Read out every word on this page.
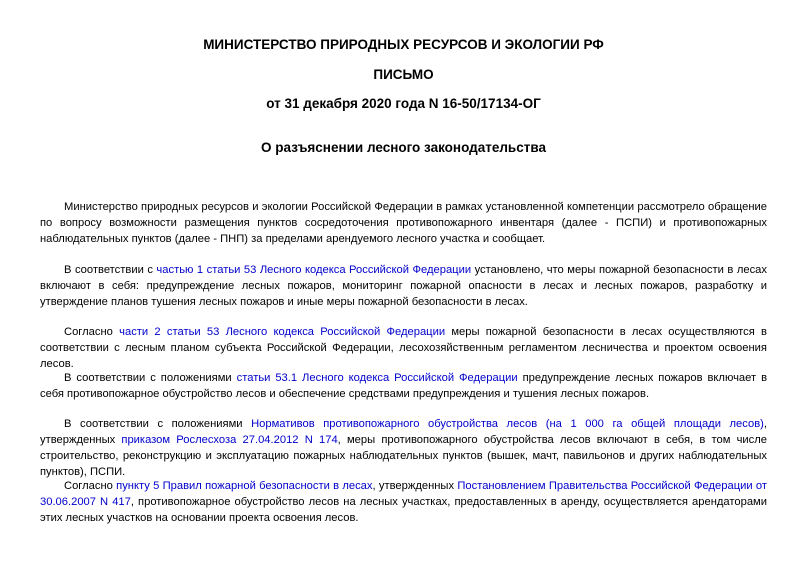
МИНИСТЕРСТВО ПРИРОДНЫХ РЕСУРСОВ И ЭКОЛОГИИ РФ

ПИСЬМО

от 31 декабря 2020 года N 16-50/17134-ОГ

О разъяснении лесного законодательства

Министерство природных ресурсов и экологии Российской Федерации в рамках установленной компетенции рассмотрело обращение по вопросу возможности размещения пунктов сосредоточения противопожарного инвентаря (далее - ПСПИ) и противопожарных наблюдательных пунктов (далее - ПНП) за пределами арендуемого лесного участка и сообщает.

В соответствии с частью 1 статьи 53 Лесного кодекса Российской Федерации установлено, что меры пожарной безопасности в лесах включают в себя: предупреждение лесных пожаров, мониторинг пожарной опасности в лесах и лесных пожаров, разработку и утверждение планов тушения лесных пожаров и иные меры пожарной безопасности в лесах.

Согласно части 2 статьи 53 Лесного кодекса Российской Федерации меры пожарной безопасности в лесах осуществляются в соответствии с лесным планом субъекта Российской Федерации, лесохозяйственным регламентом лесничества и проектом освоения лесов.

В соответствии с положениями статьи 53.1 Лесного кодекса Российской Федерации предупреждение лесных пожаров включает в себя противопожарное обустройство лесов и обеспечение средствами предупреждения и тушения лесных пожаров.

В соответствии с положениями Нормативов противопожарного обустройства лесов (на 1 000 га общей площади лесов), утвержденных приказом Рослесхоза 27.04.2012 N 174, меры противопожарного обустройства лесов включают в себя, в том числе строительство, реконструкцию и эксплуатацию пожарных наблюдательных пунктов (вышек, мачт, павильонов и других наблюдательных пунктов), ПСПИ.

Согласно пункту 5 Правил пожарной безопасности в лесах, утвержденных Постановлением Правительства Российской Федерации от 30.06.2007 N 417, противопожарное обустройство лесов на лесных участках, предоставленных в аренду, осуществляется арендаторами этих лесных участков на основании проекта освоения лесов.
